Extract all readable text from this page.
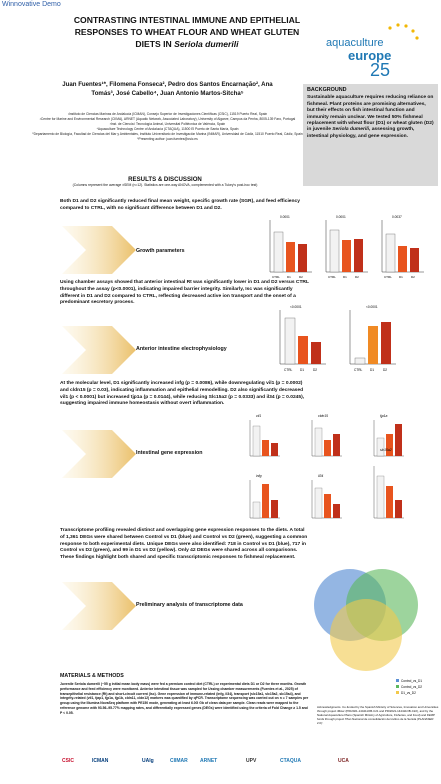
Winnovative Demo
CONTRASTING INTESTINAL IMMUNE AND EPITHELIAL
RESPONSES TO WHEAT FLOUR AND WHEAT GLUTEN
DIETS IN Seriola dumerili	aquaculture
europe
25
Juan Fuentes¹*, Filomena Fonseca², Pedro dos Santos Encarnação², Ana
Tomás³, José Cabello⁴, Juan Antonio Martos-Sitcha⁵
¹Instituto de Ciencias Marinas de Andalucía (ICMAN), Consejo Superior de Investigaciones Científicas (CSIC), 11519 Puerto Real, Spain
²Centre for Marine and Environmental Research (CIIMA), ARNET (Aquatic Network, Associated Laboratory), University of Algarve, Campus da Penha, 8005-139 Faro, Portugal
³Inst. de Ciencia i Tecnología Animal, Universitat Politècnica de València, Spain
⁴Aquaculture Technology Centre of Andalucía (CTAQUA), 11500 El Puerto de Santa María, Spain
⁵Departamento de Biología, Facultad de Ciencias del Mar y Ambientales, Instituto Universitario de Investigación Marina (INMAR), Universidad de Cádiz, 11510 Puerto Real, Cádiz, Spain
*Presenting author: juan.fuentes@csic.es
BACKGROUND
Sustainable aquaculture requires reducing reliance on fishmeal. Plant proteins are promising alternatives, but their effects on fish intestinal function and immunity remain unclear. We tested 50% fishmeal replacement with wheat flour (D1) or wheat gluten (D2) in juvenile Seriola dumerili, assessing growth, intestinal physiology, and gene expression.
RESULTS & DISCUSSION
(Columns represent the average ±SEM (n=12). Statistics are one-way ANOVA, complemented with a Tukey's post-hoc test)
Both D1 and D2 significantly reduced final mean weight, specific growth rate (SGR), and feed efficiency compared to CTRL, with no significant difference between D1 and D2.
Growth parameters
0.0001
CTRL D1	D2
0.0001
CTRL D1	D2
0.0037
CTRL D1	D2
Using chamber assays showed that anterior intestinal Rt was significantly lower in D1 and D2 versus CTRL throughout the assay (p<0.0001), indicating impaired barrier integrity. Similarly, Isc was significantly different in D1 and D2 compared to CTRL, reflecting decreased active ion transport and the onset of a predominant secretory process.
Anterior intestine electrophysiology
<0.0001
CTRL D1	D2
<0.0001
CTRL D1	D2
At the molecular level, D1 significantly increased infg (p = 0.0086), while downregulating vil1 (p = 0.0002) and cldn15 (p = 0.03), indicating inflammation and epithelial remodelling. D2 also significantly decreased vil1 (p < 0.0001) but increased tjp1a (p = 0.0144), while reducing Slc15a2 (p = 0.0333) and il34 (p = 0.0245), suggesting impaired immune homeostasis without overt inflammation.
Intestinal gene expression
vil1	cldn15	tjp1a
infg	il34
slc15a2
Transcriptome profiling revealed distinct and overlapping gene expression responses to the diets. A total of 1,361 DEGs were shared between Control vs D1 (blue) and Control vs D2 (green), suggesting a common response to both experimental diets. Unique DEGs were also identified: 718 in Control vs D1 (blue), 717 in Control vs D2 (green), and 99 in D1 vs D2 (yellow). Only 42 DEGs were shared across all comparisons. These findings highlight both shared and specific transcriptomic responses to fishmeal replacement.
Preliminary analysis of transcriptome data
Control_vs_D1
Control_vs_D2
D1_vs_D2
MATERIALS & METHODS
Juvenile Seriola dumerili (~55 g initial mean body mass) were fed a premium control diet (CTRL) or experimental diets D1 or D2 for three months. Growth performance and feed efficiency were monitored. Anterior intestinal tissue was sampled for Ussing chamber measurements (Fuentes et al., 2025) of transepithelial resistance (Rt) and short-circuit current (Isc). Gene expression of immune-related (infg, il34), transport (slc15a1, slc15a2, slc15a4), and integrity-related (vil1, tjap1, tjp1a, tjp1b, cldn11, cldn12) markers was quantified by qPCR. Transcriptome sequencing was carried out on n = 7 samples per group using the Illumina NovaSeq platform with PE150 mode, generating at least 6.0G Gb of clean data per sample. Clean reads were mapped to the reference genome with 93.56–95.77% mapping rates, and differentially expressed genes (DEGs) were identified using the criteria of Fold Change ≥ 1.5 and P < 0.05.
Acknowledgments. Co-funded by the Spanish Ministry of Sciences, Innovation and Universities through project iMAer (PID2021-144411OB-C21 and PID2021-144411OB-C22), and by the National Aquaculture Plans (Spanish Ministry of Agriculture, Fisheries, and Food) and FEMP funds through project 'Plan Nacional de consolidación del cultivo de la Seriola (PLANASER 2.0)'.
CSIC	ICMAN	UAlg	CIIMAR ARNET	UPV	CTAQUA	UCA
